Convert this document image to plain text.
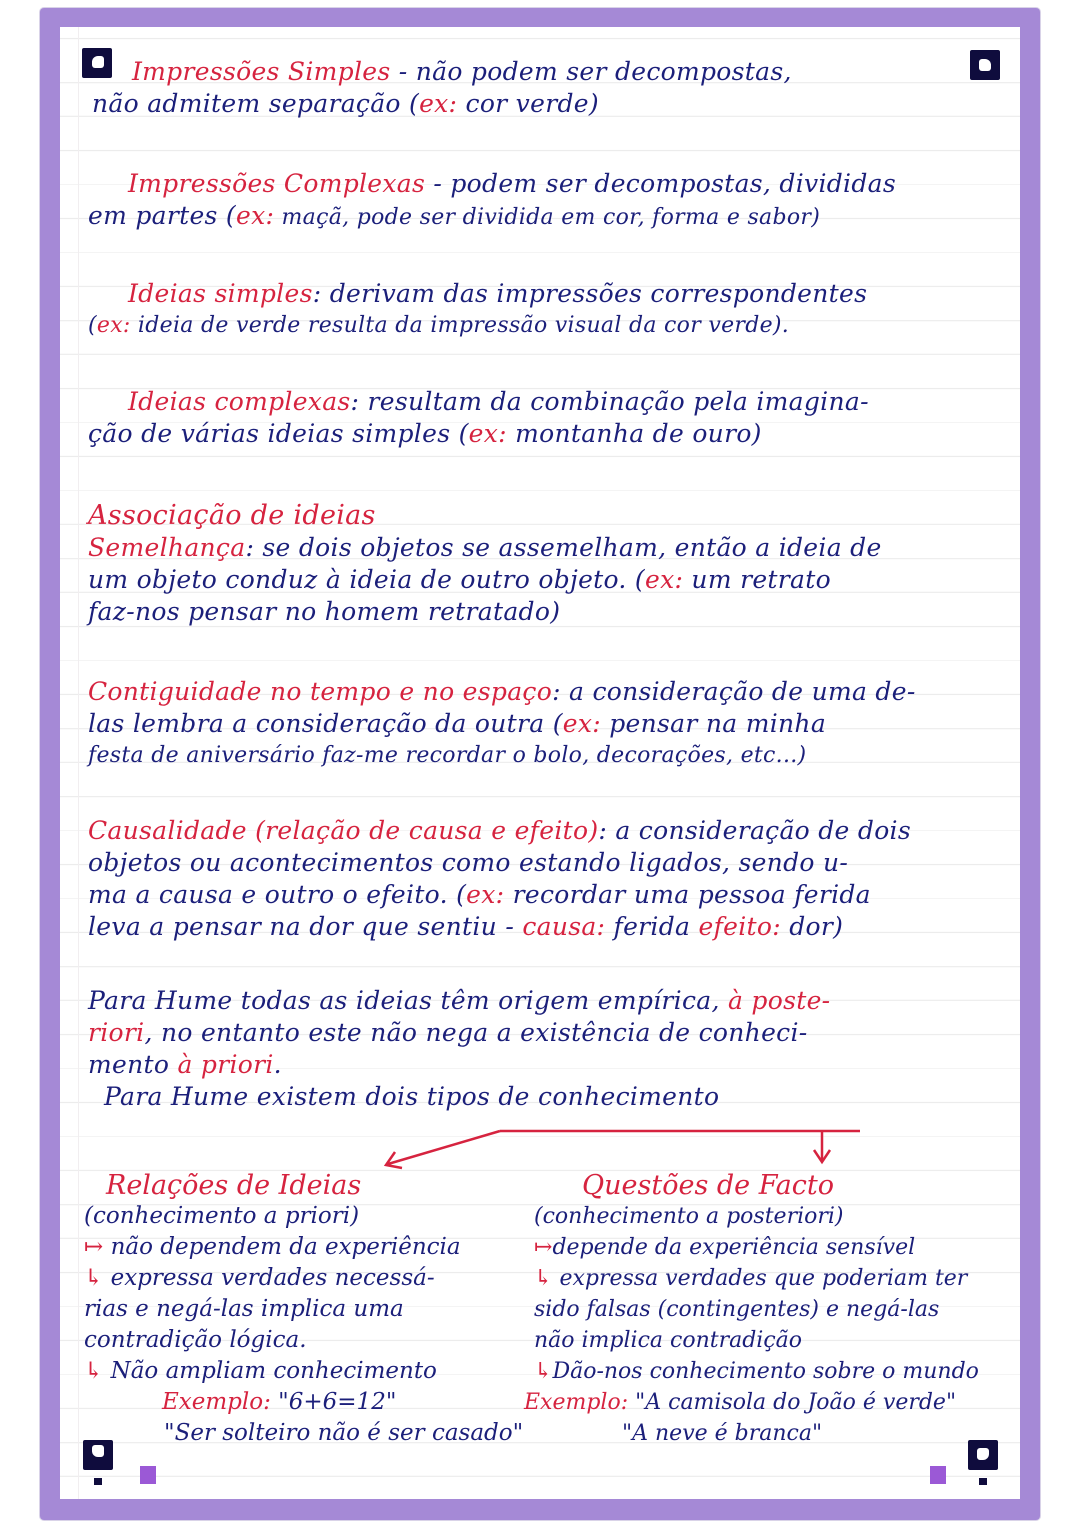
Impressões Simples - não podem ser decompostas,
não admitem separação (ex: cor verde)
Impressões Complexas - podem ser decompostas, divididas
em partes (ex: maçã, pode ser dividida em cor, forma e sabor)
Ideias simples: derivam das impressões correspondentes
(ex: ideia de verde resulta da impressão visual da cor verde).
Ideias complexas: resultam da combinação pela imagina-
ção de várias ideias simples (ex: montanha de ouro)
Associação de ideias
Semelhança: se dois objetos se assemelham, então a ideia de
um objeto conduz à ideia de outro objeto. (ex: um retrato
faz-nos pensar no homem retratado)
Contiguidade no tempo e no espaço: a consideração de uma de-
las lembra a consideração da outra (ex: pensar na minha
festa de aniversário faz-me recordar o bolo, decorações, etc...)
Causalidade (relação de causa e efeito): a consideração de dois
objetos ou acontecimentos como estando ligados, sendo u-
ma a causa e outro o efeito. (ex: recordar uma pessoa ferida
leva a pensar na dor que sentiu - causa: ferida efeito: dor)
Para Hume todas as ideias têm origem empírica, à poste-
riori, no entanto este não nega a existência de conheci-
mento à priori.
Para Hume existem dois tipos de conhecimento
Relações de Ideias
(conhecimento a priori)
↦ não dependem da experiência
↳ expressa verdades necessá-
rias e negá-las implica uma
contradição lógica.
↳ Não ampliam conhecimento
Exemplo: "6+6=12"
"Ser solteiro não é ser casado"
Questões de Facto
(conhecimento a posteriori)
↦depende da experiência sensível
↳ expressa verdades que poderiam ter
sido falsas (contingentes) e negá-las
não implica contradição
↳Dão-nos conhecimento sobre o mundo
Exemplo: "A camisola do João é verde"
"A neve é branca"
